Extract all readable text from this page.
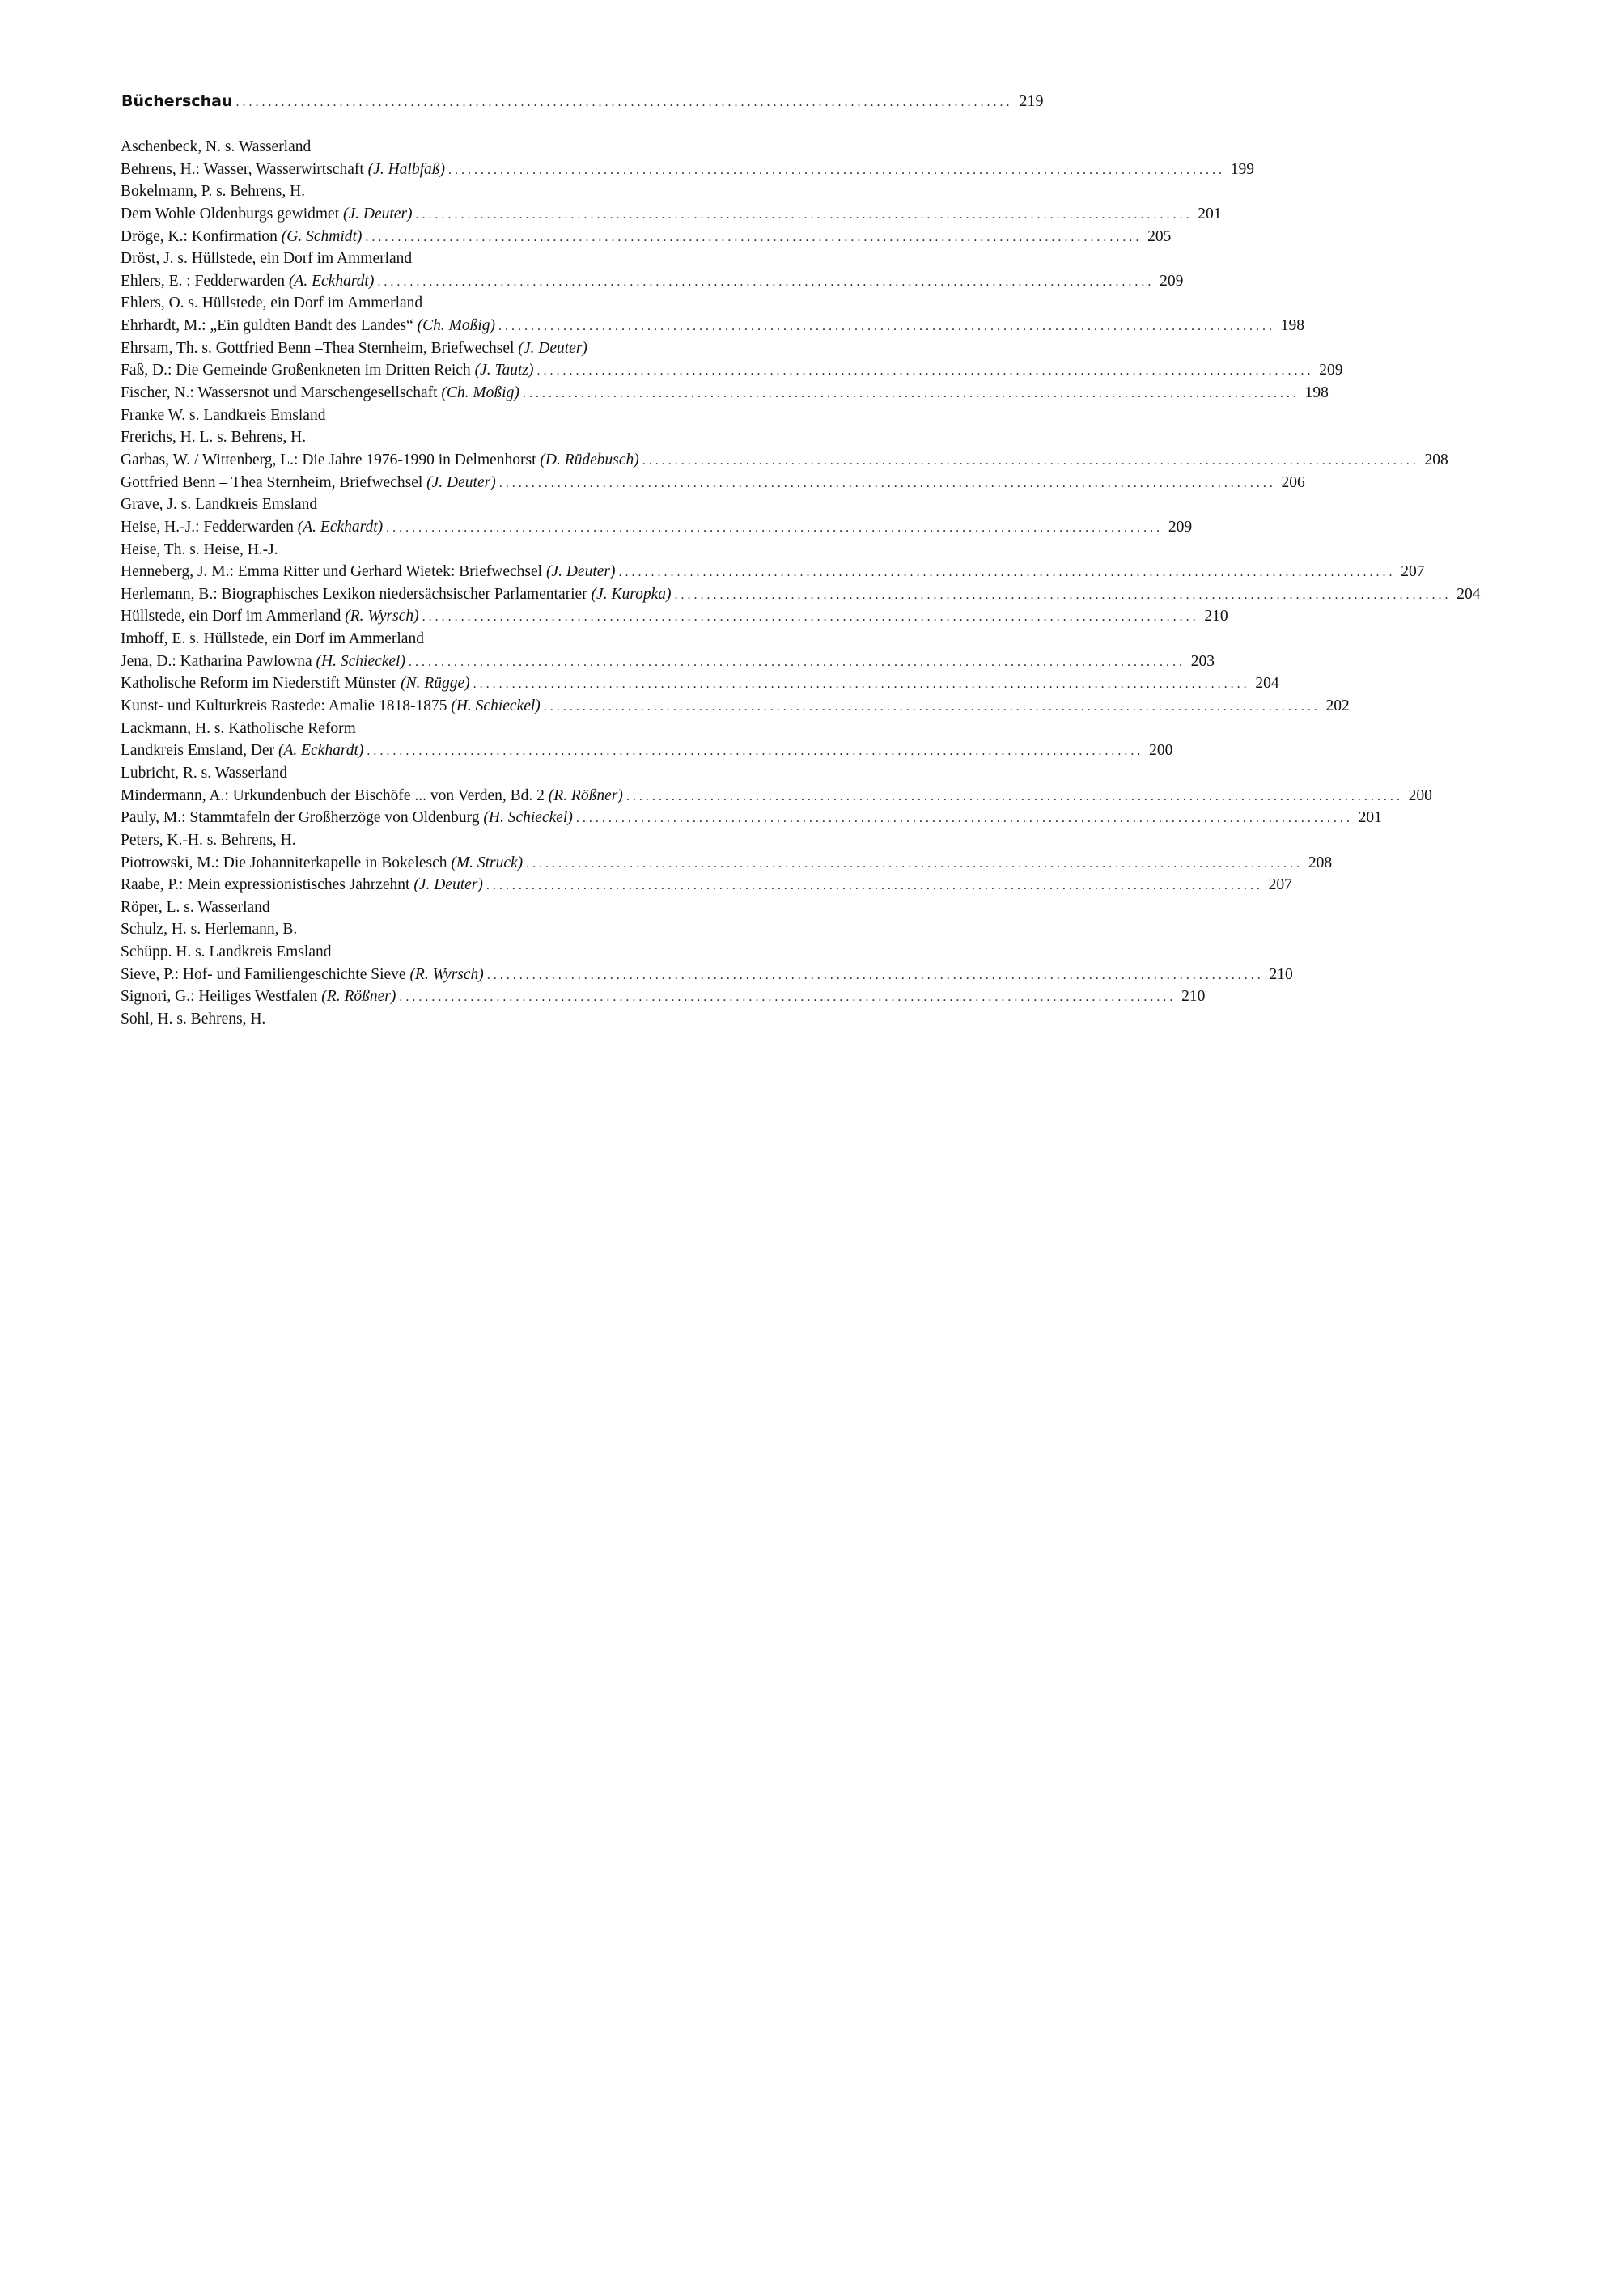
Bücherschau ........................................................................................................................ 219
Aschenbeck, N. s. Wasserland
Behrens, H.: Wasser, Wasserwirtschaft
(J. Halbfaß) ........................................................................................................................ 199
Bokelmann, P. s. Behrens, H.
Dem Wohle Oldenburgs gewidmet
(J. Deuter) ........................................................................................................................ 201
Dröge, K.: Konfirmation
(G. Schmidt) ........................................................................................................................ 205
Dröst, J. s. Hüllstede, ein Dorf im Ammerland
Ehlers, E. : Fedderwarden
(A. Eckhardt) ........................................................................................................................ 209
Ehlers, O. s. Hüllstede, ein Dorf im Ammerland
Ehrhardt, M.: „Ein guldten Bandt des Landes“
(Ch. Moßig) ........................................................................................................................ 198
Ehrsam, Th. s. Gottfried Benn –Thea Sternheim, Briefwechsel
(J. Deuter)
Faß, D.: Die Gemeinde Großenkneten im Dritten Reich
(J. Tautz) ........................................................................................................................ 209
Fischer, N.: Wassersnot und Marschengesellschaft
(Ch. Moßig) ........................................................................................................................ 198
Franke W. s. Landkreis Emsland
Frerichs, H. L. s. Behrens, H.
Garbas, W. / Wittenberg, L.: Die Jahre 1976-1990 in Delmenhorst
(D. Rüdebusch) ........................................................................................................................ 208
Gottfried Benn – Thea Sternheim, Briefwechsel
(J. Deuter) ........................................................................................................................ 206
Grave, J. s. Landkreis Emsland
Heise, H.-J.: Fedderwarden
(A. Eckhardt) ........................................................................................................................ 209
Heise, Th. s. Heise, H.-J.
Henneberg, J. M.: Emma Ritter und Gerhard Wietek: Briefwechsel
(J. Deuter) ........................................................................................................................ 207
Herlemann, B.: Biographisches Lexikon niedersächsischer Parlamentarier
(J. Kuropka) ........................................................................................................................ 204
Hüllstede, ein Dorf im Ammerland
(R. Wyrsch) ........................................................................................................................ 210
Imhoff, E. s. Hüllstede, ein Dorf im Ammerland
Jena, D.: Katharina Pawlowna
(H. Schieckel) ........................................................................................................................ 203
Katholische Reform im Niederstift Münster
(N. Rügge) ........................................................................................................................ 204
Kunst- und Kulturkreis Rastede: Amalie 1818-1875
(H. Schieckel) ........................................................................................................................ 202
Lackmann, H. s. Katholische Reform
Landkreis Emsland, Der
(A. Eckhardt) ........................................................................................................................ 200
Lubricht, R. s. Wasserland
Mindermann, A.: Urkundenbuch der Bischöfe ... von Verden, Bd. 2
(R. Rößner) ........................................................................................................................ 200
Pauly, M.: Stammtafeln der Großherzöge von Oldenburg
(H. Schieckel) ........................................................................................................................ 201
Peters, K.-H. s. Behrens, H.
Piotrowski, M.: Die Johanniterkapelle in Bokelesch
(M. Struck) ........................................................................................................................ 208
Raabe, P.: Mein expressionistisches Jahrzehnt
(J. Deuter) ........................................................................................................................ 207
Röper, L. s. Wasserland
Schulz, H. s. Herlemann, B.
Schüpp. H. s. Landkreis Emsland
Sieve, P.: Hof- und Familiengeschichte Sieve
(R. Wyrsch) ........................................................................................................................ 210
Signori, G.: Heiliges Westfalen
(R. Rößner) ........................................................................................................................ 210
Sohl, H. s. Behrens, H.
